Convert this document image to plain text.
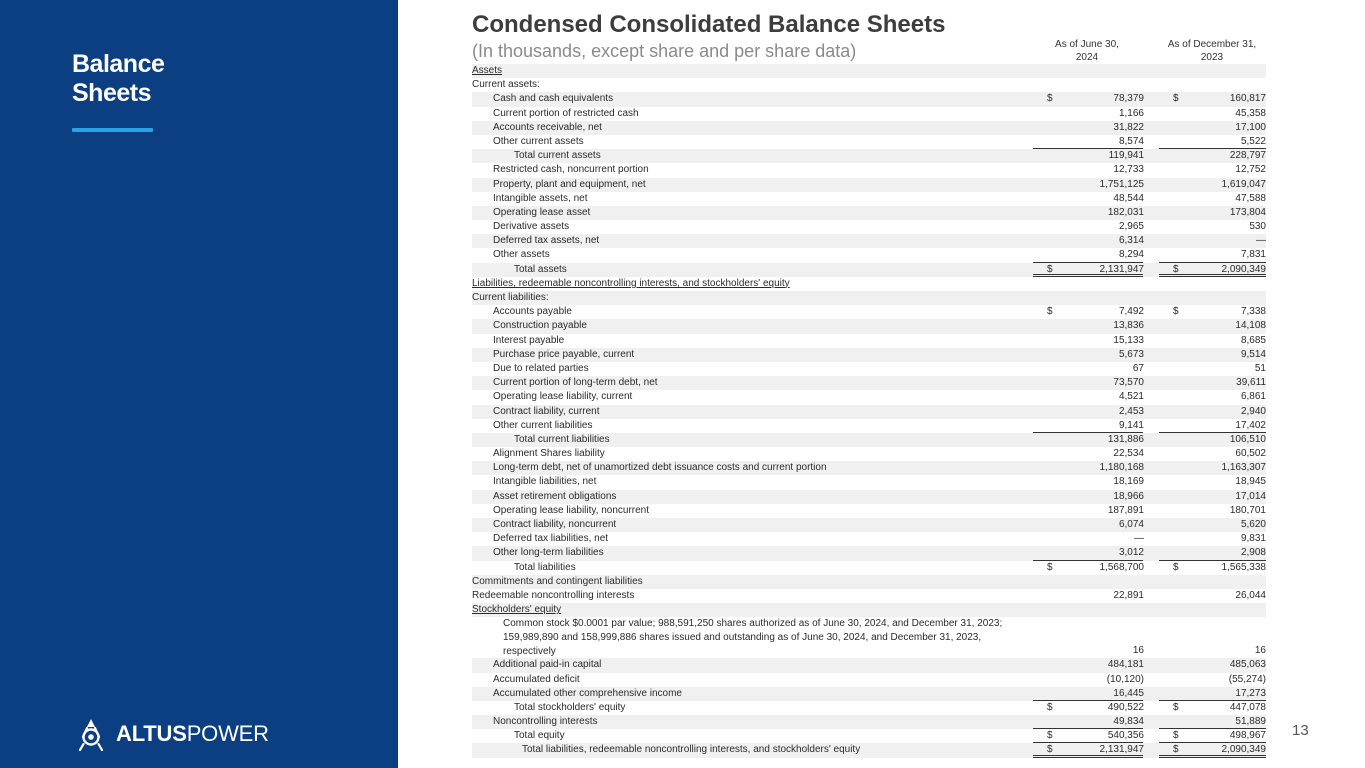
Balance
Sheets
ALTUSPOWER
Condensed Consolidated Balance Sheets
(In thousands, except share and per share data)	As of June 30,
2024
As of December 31,
2023
Assets
Current assets:
Cash and cash equivalents	$	78,379	$	160,817
Current portion of restricted cash	1,166	45,358
Accounts receivable, net	31,822	17,100
Other current assets	8,574	5,522
Total current assets	119,941	228,797
Restricted cash, noncurrent portion	12,733	12,752
Property, plant and equipment, net	1,751,125	1,619,047
Intangible assets, net	48,544	47,588
Operating lease asset	182,031	173,804
Derivative assets	2,965	530
Deferred tax assets, net	6,314	—
Other assets	8,294	7,831
Total assets	$	2,131,947	$	2,090,349
Liabilities, redeemable noncontrolling interests, and stockholders' equity
Current liabilities:
Accounts payable	$	7,492	$	7,338
Construction payable	13,836	14,108
Interest payable	15,133	8,685
Purchase price payable, current	5,673	9,514
Due to related parties	67	51
Current portion of long-term debt, net	73,570	39,611
Operating lease liability, current	4,521	6,861
Contract liability, current	2,453	2,940
Other current liabilities	9,141	17,402
Total current liabilities	131,886	106,510
Alignment Shares liability	22,534	60,502
Long-term debt, net of unamortized debt issuance costs and current portion	1,180,168	1,163,307
Intangible liabilities, net	18,169	18,945
Asset retirement obligations	18,966	17,014
Operating lease liability, noncurrent	187,891	180,701
Contract liability, noncurrent	6,074	5,620
Deferred tax liabilities, net	—	9,831
Other long-term liabilities	3,012	2,908
Total liabilities	$	1,568,700	$	1,565,338
Commitments and contingent liabilities
Redeemable noncontrolling interests	22,891	26,044
Stockholders' equity
Common stock $0.0001 par value; 988,591,250 shares authorized as of June 30, 2024, and December 31, 2023; 159,989,890 and 158,999,886 shares issued and outstanding as of June 30, 2024, and December 31, 2023, respectively	16	16
Additional paid-in capital	484,181	485,063
Accumulated deficit	(10,120)	(55,274)
Accumulated other comprehensive income	16,445	17,273
Total stockholders' equity	$	490,522	$	447,078
Noncontrolling interests	49,834	51,889
Total equity	$	540,356	$	498,967
Total liabilities, redeemable noncontrolling interests, and stockholders' equity	$	2,131,947	$	2,090,349
13
